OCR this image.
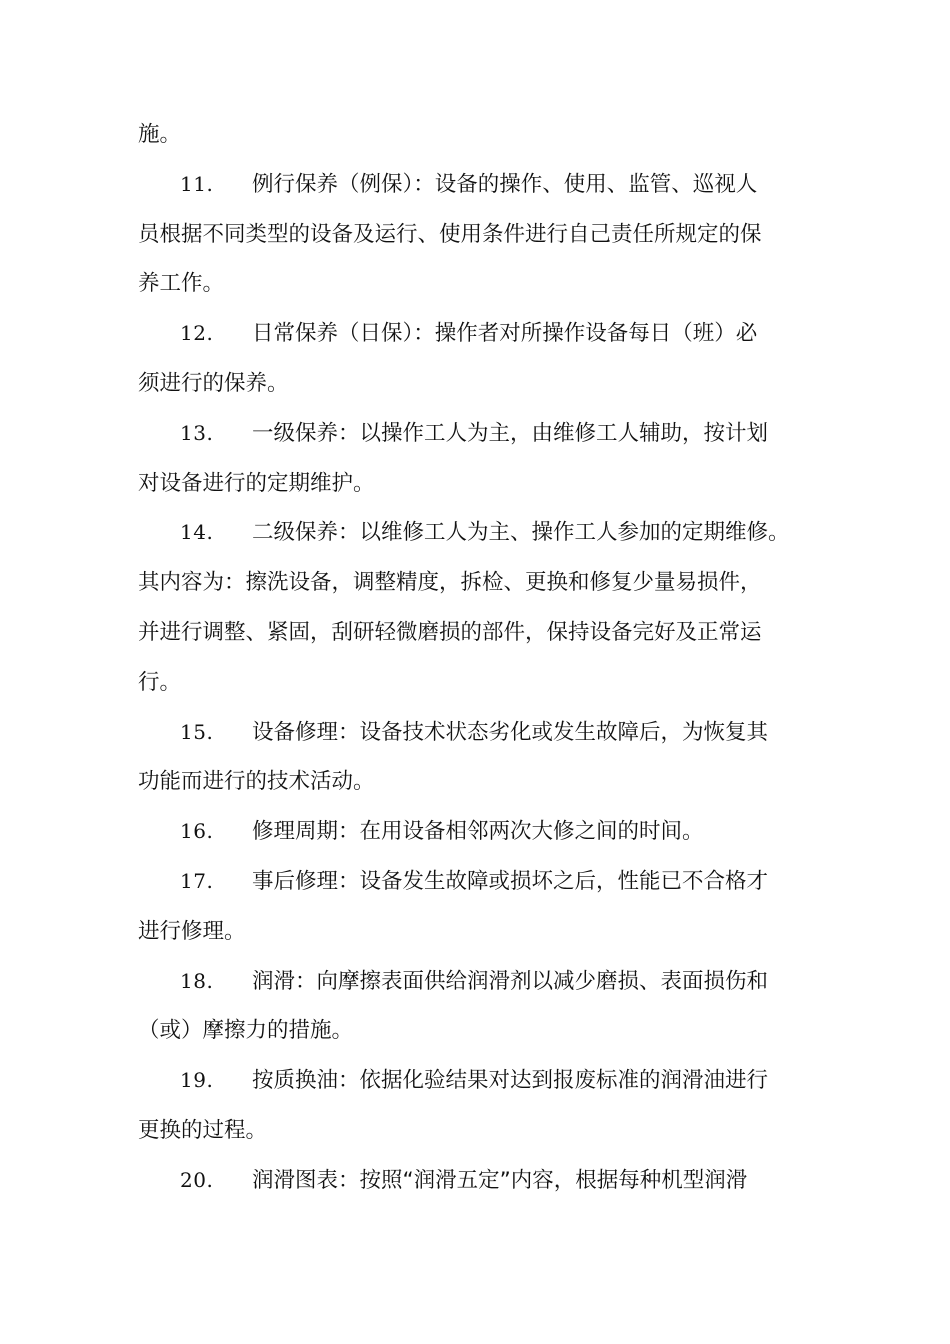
施。
11.	例行保养（例保）：设备的操作、使用、监管、巡视人
员根据不同类型的设备及运行、使用条件进行自己责任所规定的保
养工作。
12.	日常保养（日保）：操作者对所操作设备每日（班）必
须进行的保养。
13.	一级保养：以操作工人为主，由维修工人辅助，按计划
对设备进行的定期维护。
14.	二级保养：以维修工人为主、操作工人参加的定期维修。
其内容为：擦洗设备，调整精度，拆检、更换和修复少量易损件，
并进行调整、紧固，刮研轻微磨损的部件，保持设备完好及正常运
行。
15.	设备修理：设备技术状态劣化或发生故障后，为恢复其
功能而进行的技术活动。
16.	修理周期：在用设备相邻两次大修之间的时间。
17.	事后修理：设备发生故障或损坏之后，性能已不合格才
进行修理。
18.	润滑：向摩擦表面供给润滑剂以减少磨损、表面损伤和
（或）摩擦力的措施。
19.	按质换油：依据化验结果对达到报废标准的润滑油进行
更换的过程。
20.	润滑图表：按照“润滑五定”内容，根据每种机型润滑
